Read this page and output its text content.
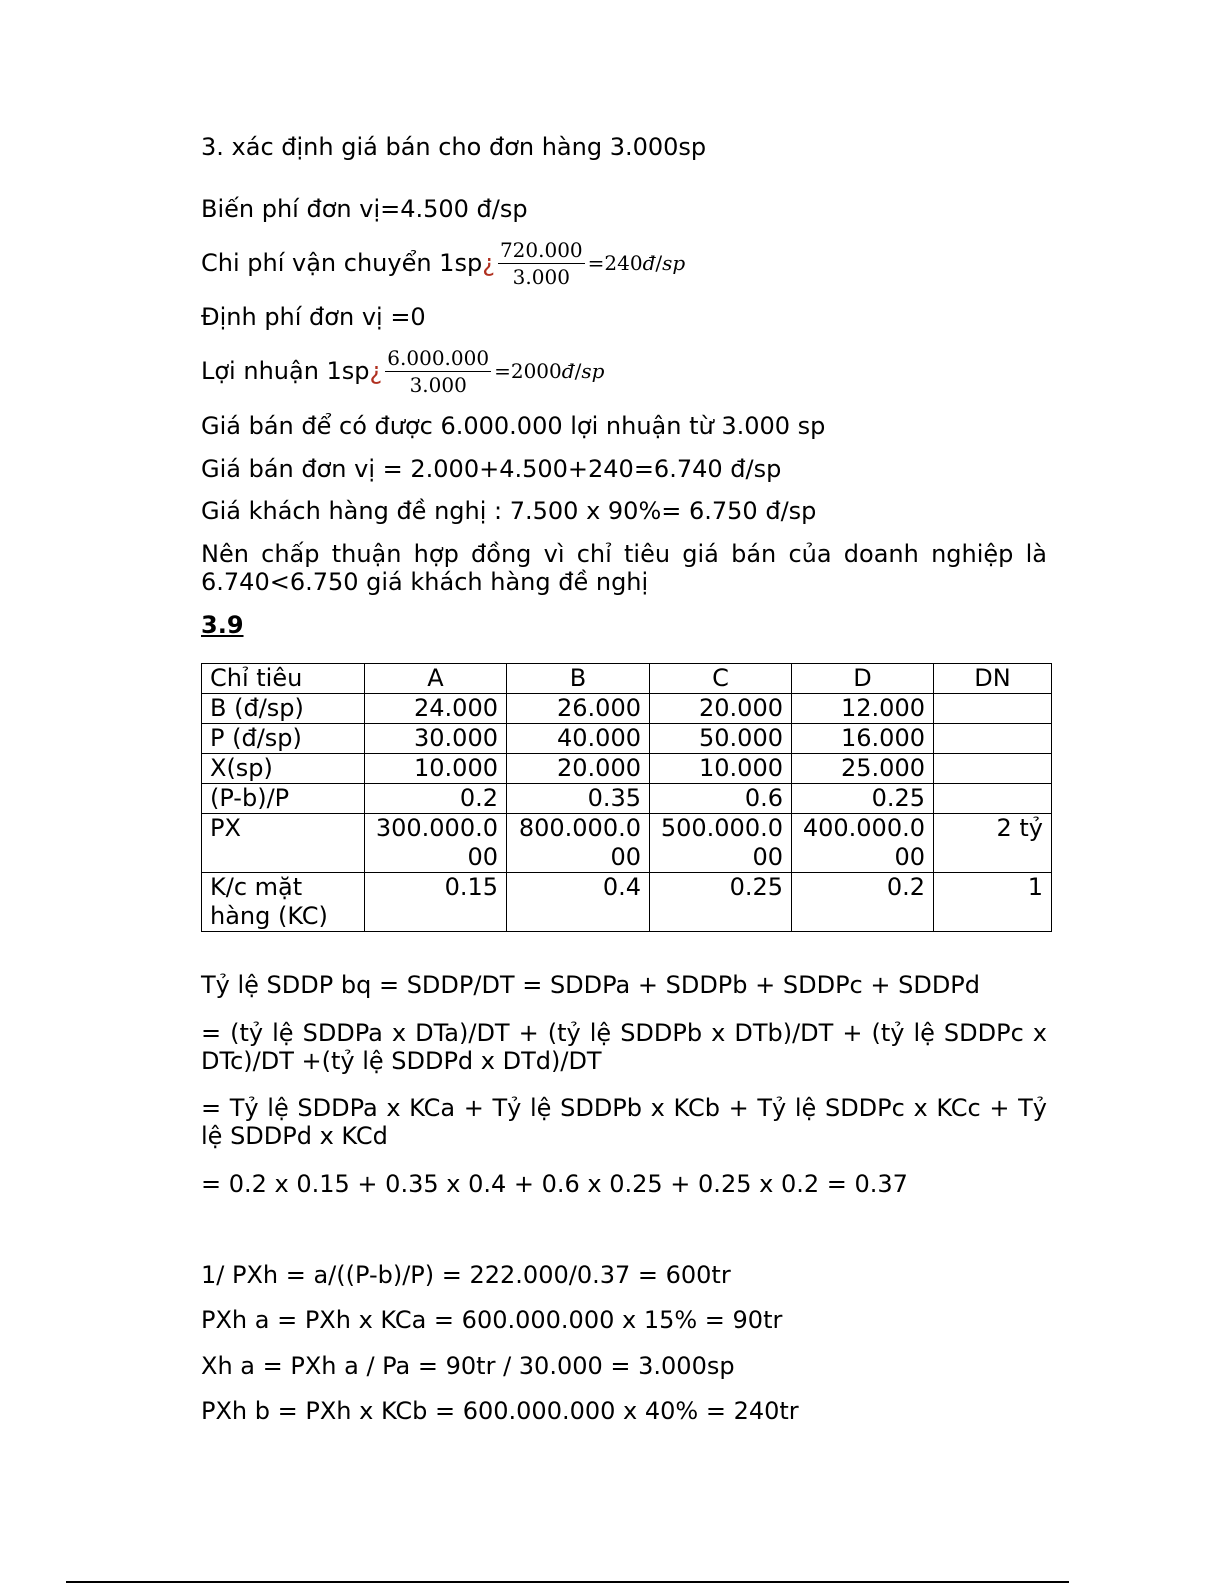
3. xác định giá bán cho đơn hàng 3.000sp
Biến phí đơn vị=4.500 đ/sp
Chi phí vận chuyển 1sp ¿ $\frac{720.000}{3.000}$ =240đ/sp
Định phí đơn vị =0
Lợi nhuận 1sp ¿ $\frac{6.000.000}{3.000}$ =2000đ/sp
Giá bán để có được 6.000.000 lợi nhuận từ 3.000 sp
Giá bán đơn vị = 2.000+4.500+240=6.740 đ/sp
Giá khách hàng đề nghị : 7.500 x 90%= 6.750 đ/sp
Nên chấp thuận hợp đồng vì chỉ tiêu giá bán của doanh nghiệp là 6.740<6.750 giá khách hàng đề nghị
3.9
Chỉ tiêu	A	B	C	D	DN
B (đ/sp)	24.000	26.000	20.000	12.000	
P (đ/sp)	30.000	40.000	50.000	16.000	
X(sp)	10.000	20.000	10.000	25.000	
(P-b)/P	0.2	0.35	0.6	0.25	
PX	300.000.000	800.000.000	500.000.000	400.000.000	2 tỷ
K/c mặt hàng (KC)	0.15	0.4	0.25	0.2	1
Tỷ lệ SDDP bq = SDDP/DT = SDDPa + SDDPb + SDDPc + SDDPd
= (tỷ lệ SDDPa x DTa)/DT + (tỷ lệ SDDPb x DTb)/DT + (tỷ lệ SDDPc x DTc)/DT +(tỷ lệ SDDPd x DTd)/DT
= Tỷ lệ SDDPa x KCa + Tỷ lệ SDDPb x KCb + Tỷ lệ SDDPc x KCc + Tỷ lệ SDDPd x KCd
= 0.2 x 0.15 + 0.35 x 0.4 + 0.6 x 0.25 + 0.25 x 0.2 = 0.37
1/ PXh = a/((P-b)/P) = 222.000/0.37 = 600tr
PXh a = PXh x KCa = 600.000.000 x 15% = 90tr
Xh a = PXh a / Pa = 90tr / 30.000 = 3.000sp
PXh b = PXh x KCb = 600.000.000 x 40% = 240tr
